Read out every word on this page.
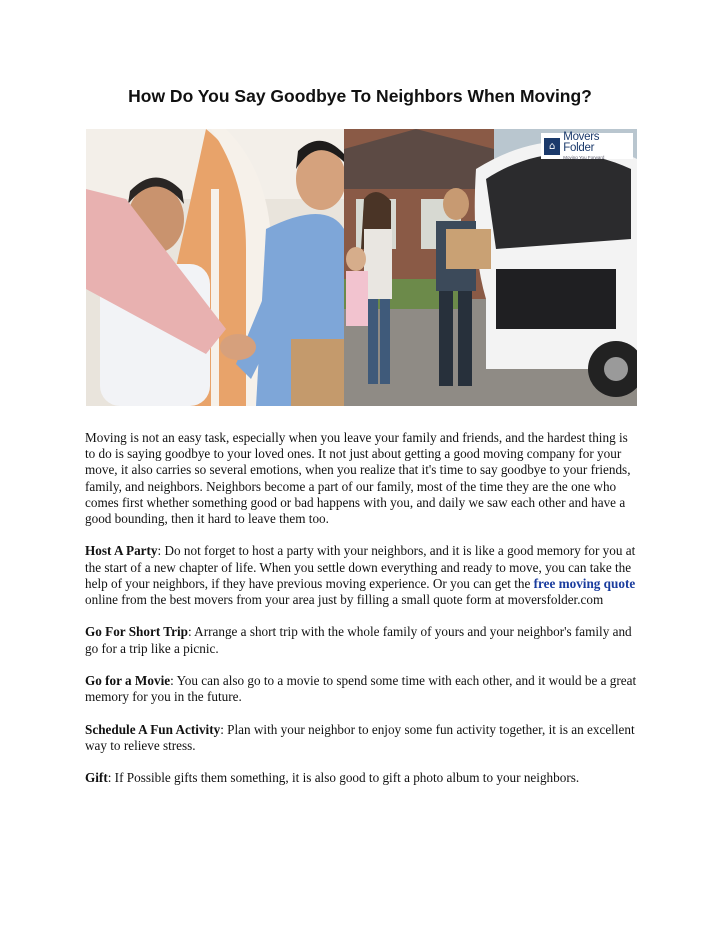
How Do You Say Goodbye To Neighbors When Moving?
⌂
Movers Folder
Moving You Forward

Moving is not an easy task, especially when you leave your family and friends, and the hardest thing is to do is saying goodbye to your loved ones. It not just about getting a good moving company for your move, it also carries so several emotions, when you realize that it's time to say goodbye to your friends, family, and neighbors. Neighbors become a part of our family, most of the time they are the one who comes first whether something good or bad happens with you, and daily we saw each other and have a good bounding, then it hard to leave them too.

Host A Party: Do not forget to host a party with your neighbors, and it is like a good memory for you at the start of a new chapter of life. When you settle down everything and ready to move, you can take the help of your neighbors, if they have previous moving experience. Or you can get the free moving quote online from the best movers from your area just by filling a small quote form at moversfolder.com

Go For Short Trip: Arrange a short trip with the whole family of yours and your neighbor's family and go for a trip like a picnic.

Go for a Movie: You can also go to a movie to spend some time with each other, and it would be a great memory for you in the future.

Schedule A Fun Activity: Plan with your neighbor to enjoy some fun activity together, it is an excellent way to relieve stress.

Gift: If Possible gifts them something, it is also good to gift a photo album to your neighbors.
